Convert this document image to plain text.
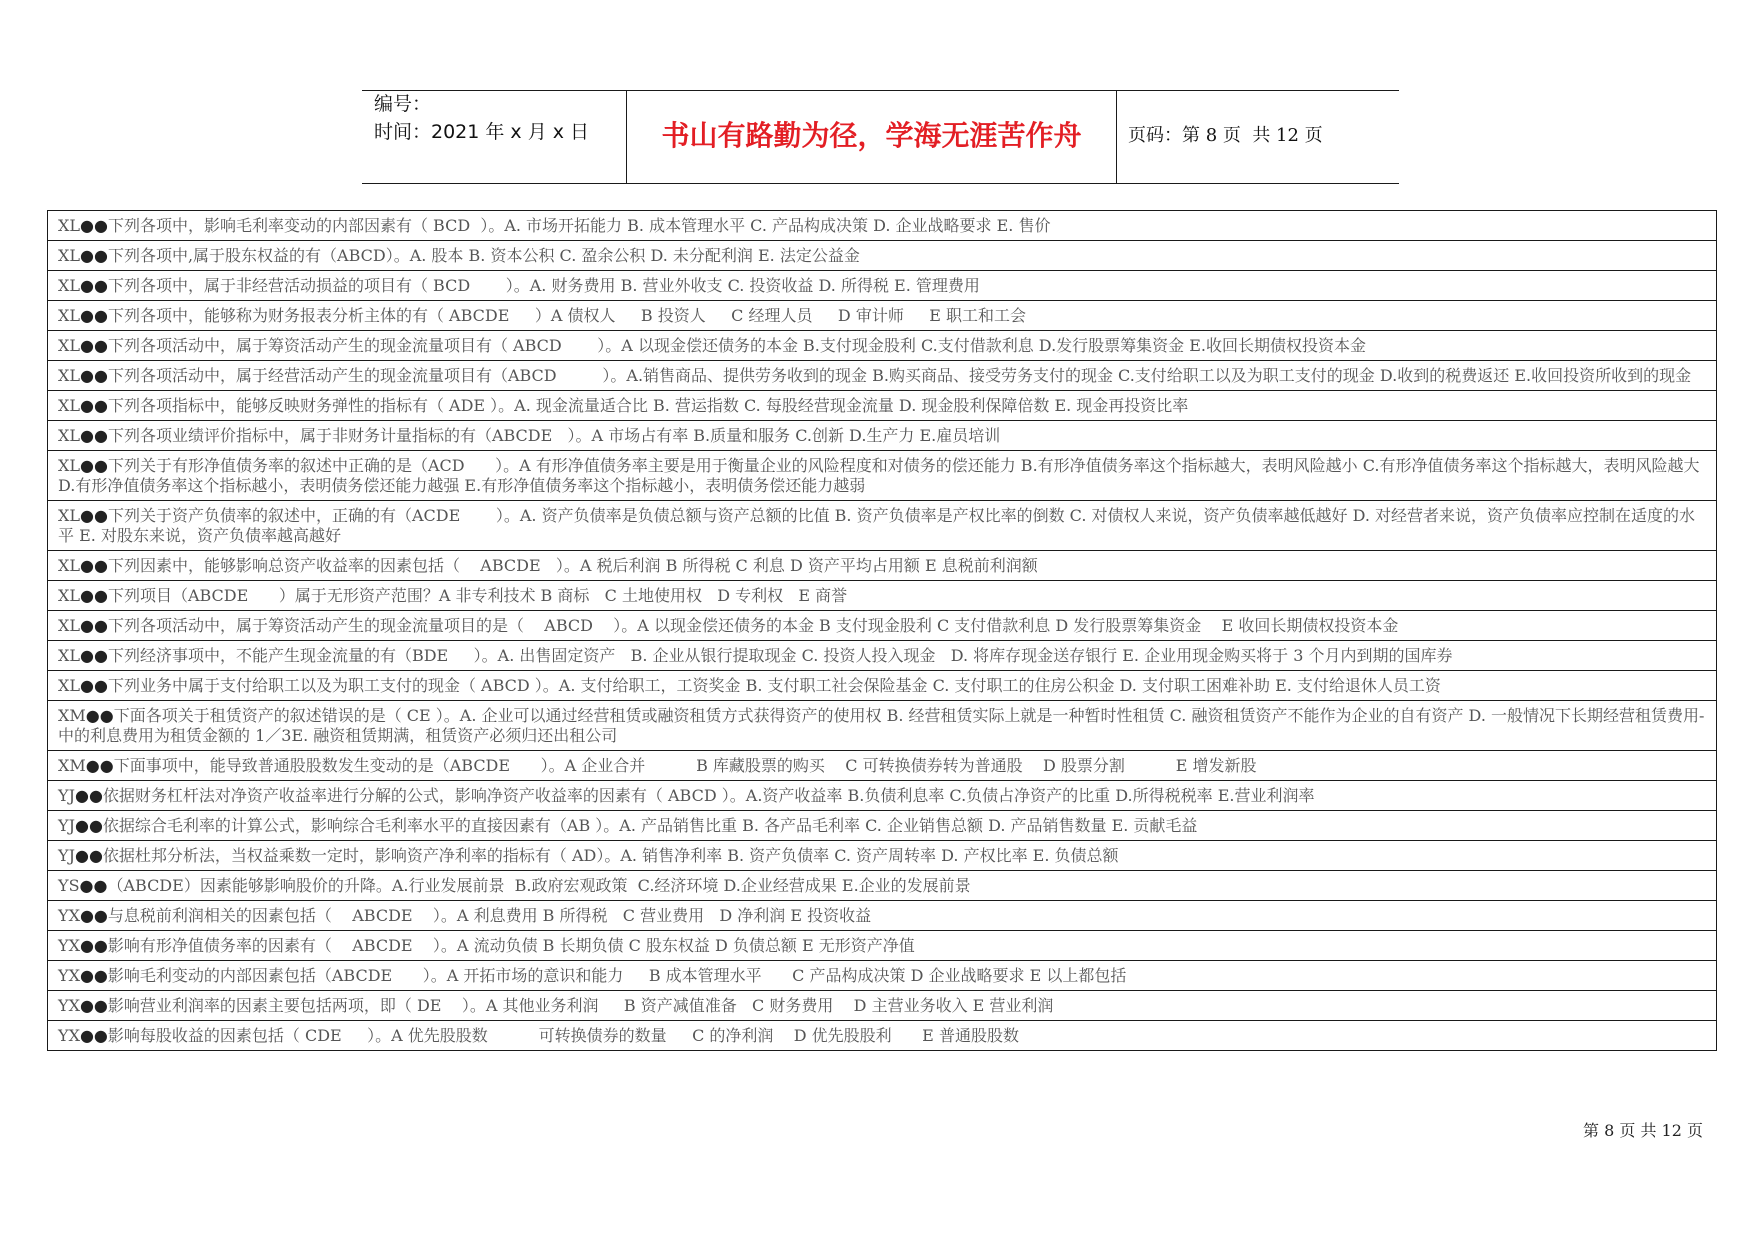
编号：
时间：2021 年 x 月 x 日	书山有路勤为径，学海无涯苦作舟	页码：第 8 页  共 12 页
XL●●下列各项中，影响毛利率变动的内部因素有（ BCD  ）。A. 市场开拓能力 B. 成本管理水平 C. 产品构成决策 D. 企业战略要求 E. 售价
XL●●下列各项中,属于股东权益的有（ABCD）。A. 股本 B. 资本公积 C. 盈余公积 D. 未分配利润 E. 法定公益金
XL●●下列各项中，属于非经营活动损益的项目有（ BCD       ）。A. 财务费用 B. 营业外收支 C. 投资收益 D. 所得税 E. 管理费用
XL●●下列各项中，能够称为财务报表分析主体的有（ ABCDE     ）A 债权人     B 投资人     C 经理人员     D 审计师     E 职工和工会
XL●●下列各项活动中，属于筹资活动产生的现金流量项目有（ ABCD       ）。A 以现金偿还债务的本金 B.支付现金股利 C.支付借款利息 D.发行股票筹集资金 E.收回长期债权投资本金
XL●●下列各项活动中，属于经营活动产生的现金流量项目有（ABCD         ）。A.销售商品、提供劳务收到的现金 B.购买商品、接受劳务支付的现金 C.支付给职工以及为职工支付的现金 D.收到的税费返还 E.收回投资所收到的现金
XL●●下列各项指标中，能够反映财务弹性的指标有（ ADE ）。A. 现金流量适合比 B. 营运指数 C. 每股经营现金流量 D. 现金股利保障倍数 E. 现金再投资比率
XL●●下列各项业绩评价指标中，属于非财务计量指标的有（ABCDE   ）。A 市场占有率 B.质量和服务 C.创新 D.生产力 E.雇员培训
XL●●下列关于有形净值债务率的叙述中正确的是（ACD      ）。A 有形净值债务率主要是用于衡量企业的风险程度和对债务的偿还能力 B.有形净值债务率这个指标越大，表明风险越小 C.有形净值债务率这个指标越大，表明风险越大 D.有形净值债务率这个指标越小，表明债务偿还能力越强 E.有形净值债务率这个指标越小，表明债务偿还能力越弱
XL●●下列关于资产负债率的叙述中，正确的有（ACDE       ）。A. 资产负债率是负债总额与资产总额的比值 B. 资产负债率是产权比率的倒数 C. 对债权人来说，资产负债率越低越好 D. 对经营者来说，资产负债率应控制在适度的水平 E. 对股东来说，资产负债率越高越好
XL●●下列因素中，能够影响总资产收益率的因素包括（    ABCDE   ）。A 税后利润 B 所得税 C 利息 D 资产平均占用额 E 息税前利润额
XL●●下列项目（ABCDE      ）属于无形资产范围？A 非专利技术 B 商标   C 土地使用权   D 专利权   E 商誉
XL●●下列各项活动中，属于筹资活动产生的现金流量项目的是（    ABCD    ）。A 以现金偿还债务的本金 B 支付现金股利 C 支付借款利息 D 发行股票筹集资金    E 收回长期债权投资本金
XL●●下列经济事项中，不能产生现金流量的有（BDE     ）。A. 出售固定资产   B. 企业从银行提取现金 C. 投资人投入现金   D. 将库存现金送存银行 E. 企业用现金购买将于 3 个月内到期的国库券
XL●●下列业务中属于支付给职工以及为职工支付的现金（ ABCD ）。A. 支付给职工，工资奖金 B. 支付职工社会保险基金 C. 支付职工的住房公积金 D. 支付职工困难补助 E. 支付给退休人员工资
XM●●下面各项关于租赁资产的叙述错误的是（ CE ）。A. 企业可以通过经营租赁或融资租赁方式获得资产的使用权 B. 经营租赁实际上就是一种暂时性租赁 C. 融资租赁资产不能作为企业的自有资产 D. 一般情况下长期经营租赁费用-中的利息费用为租赁金额的 1／3E. 融资租赁期满，租赁资产必须归还出租公司
XM●●下面事项中，能导致普通股股数发生变动的是（ABCDE      ）。A 企业合并          B 库藏股票的购买    C 可转换债券转为普通股    D 股票分割          E 增发新股
YJ●●依据财务杠杆法对净资产收益率进行分解的公式，影响净资产收益率的因素有（ ABCD ）。A.资产收益率 B.负债利息率 C.负债占净资产的比重 D.所得税税率 E.营业利润率
YJ●●依据综合毛利率的计算公式，影响综合毛利率水平的直接因素有（AB ）。A. 产品销售比重 B. 各产品毛利率 C. 企业销售总额 D. 产品销售数量 E. 贡献毛益
YJ●●依据杜邦分析法，当权益乘数一定时，影响资产净利率的指标有（ AD）。A. 销售净利率 B. 资产负债率 C. 资产周转率 D. 产权比率 E. 负债总额
YS●●（ABCDE）因素能够影响股价的升降。A.行业发展前景  B.政府宏观政策  C.经济环境 D.企业经营成果 E.企业的发展前景
YX●●与息税前利润相关的因素包括（    ABCDE    ）。A 利息费用 B 所得税   C 营业费用   D 净利润 E 投资收益
YX●●影响有形净值债务率的因素有（    ABCDE    ）。A 流动负债 B 长期负债 C 股东权益 D 负债总额 E 无形资产净值
YX●●影响毛利变动的内部因素包括（ABCDE      ）。A 开拓市场的意识和能力     B 成本管理水平      C 产品构成决策 D 企业战略要求 E 以上都包括
YX●●影响营业利润率的因素主要包括两项，即（ DE    ）。A 其他业务利润     B 资产减值准备   C 财务费用    D 主营业务收入 E 营业利润
YX●●影响每股收益的因素包括（ CDE     ）。A 优先股股数          可转换债券的数量     C 的净利润    D 优先股股利      E 普通股股数
第 8 页 共 12 页
